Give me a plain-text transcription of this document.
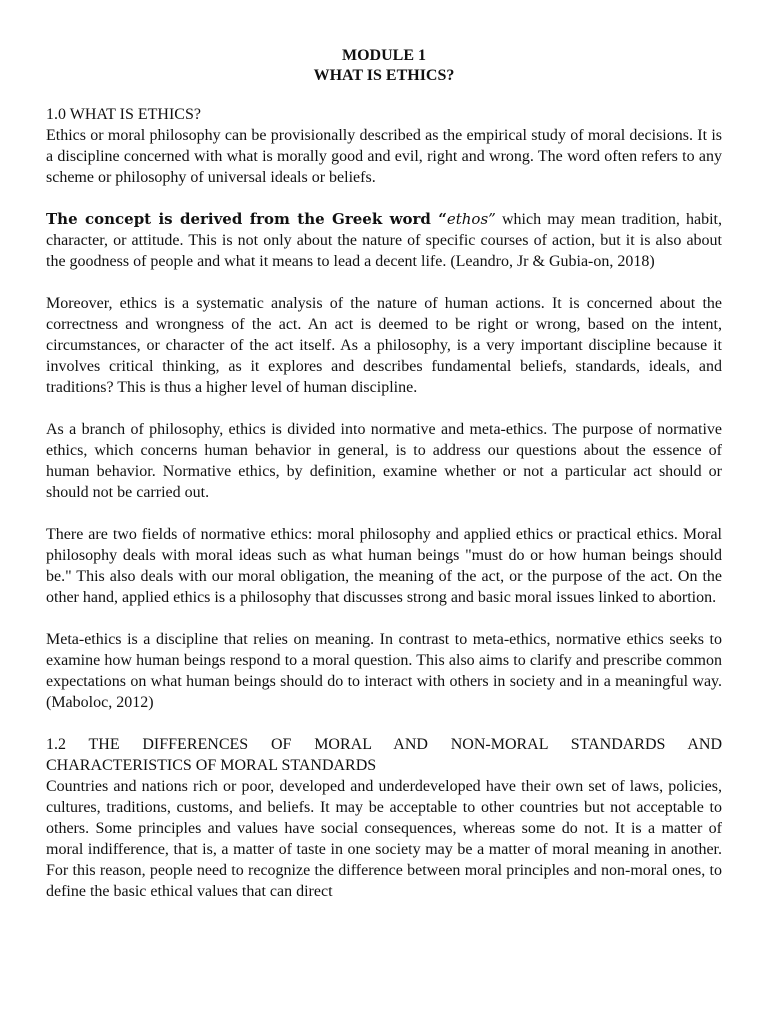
MODULE 1
WHAT IS ETHICS?
1.0 WHAT IS ETHICS?

Ethics or moral philosophy can be provisionally described as the empirical study of moral decisions. It is a discipline concerned with what is morally good and evil, right and wrong. The word often refers to any scheme or philosophy of universal ideals or beliefs.

The concept is derived from the Greek word “ethos” which may mean tradition, habit, character, or attitude. This is not only about the nature of specific courses of action, but it is also about the goodness of people and what it means to lead a decent life. (Leandro, Jr & Gubia-on, 2018)

Moreover, ethics is a systematic analysis of the nature of human actions. It is concerned about the correctness and wrongness of the act. An act is deemed to be right or wrong, based on the intent, circumstances, or character of the act itself. As a philosophy, is a very important discipline because it involves critical thinking, as it explores and describes fundamental beliefs, standards, ideals, and traditions? This is thus a higher level of human discipline.

As a branch of philosophy, ethics is divided into normative and meta-ethics. The purpose of normative ethics, which concerns human behavior in general, is to address our questions about the essence of human behavior. Normative ethics, by definition, examine whether or not a particular act should or should not be carried out.

There are two fields of normative ethics: moral philosophy and applied ethics or practical ethics. Moral philosophy deals with moral ideas such as what human beings "must do or how human beings should be." This also deals with our moral obligation, the meaning of the act, or the purpose of the act. On the other hand, applied ethics is a philosophy that discusses strong and basic moral issues linked to abortion.

Meta-ethics is a discipline that relies on meaning. In contrast to meta-ethics, normative ethics seeks to examine how human beings respond to a moral question. This also aims to clarify and prescribe common expectations on what human beings should do to interact with others in society and in a meaningful way. (Maboloc, 2012)

1.2 THE DIFFERENCES OF MORAL AND NON-MORAL STANDARDS AND
CHARACTERISTICS OF MORAL STANDARDS

Countries and nations rich or poor, developed and underdeveloped have their own set of laws, policies, cultures, traditions, customs, and beliefs. It may be acceptable to other countries but not acceptable to others. Some principles and values have social consequences, whereas some do not. It is a matter of moral indifference, that is, a matter of taste in one society may be a matter of moral meaning in another. For this reason, people need to recognize the difference between moral principles and non-moral ones, to define the basic ethical values that can direct
